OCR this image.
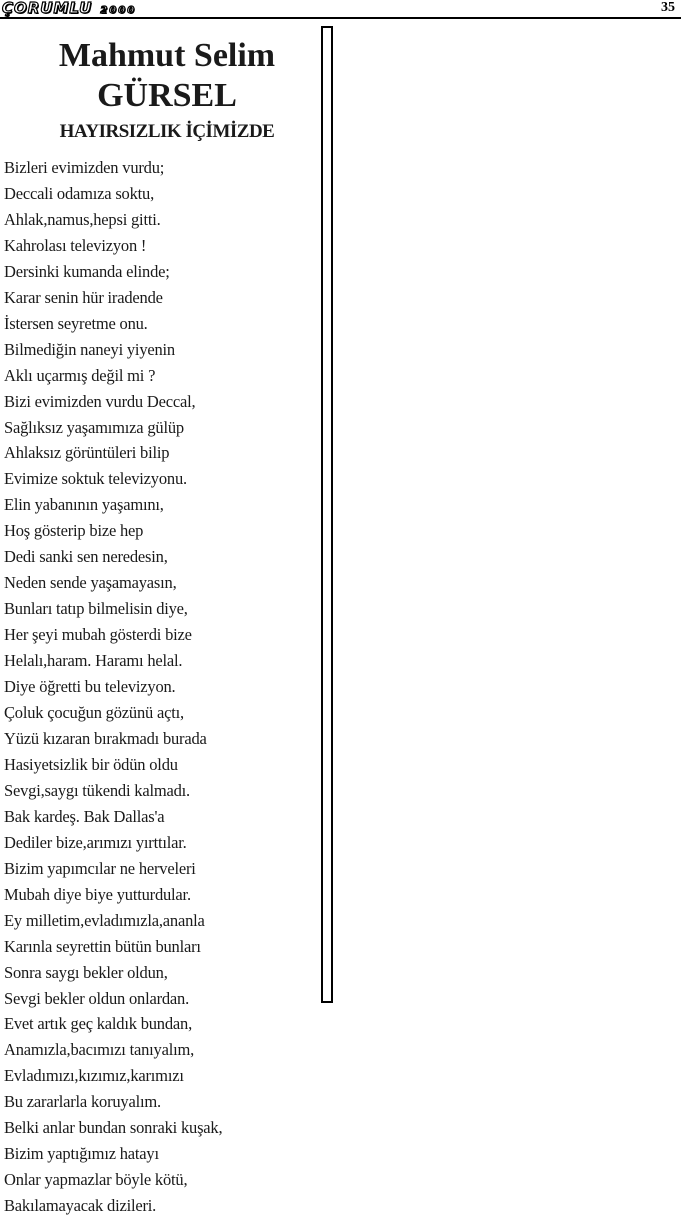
ÇORUMLU 2000	35
Mahmut Selim
GÜRSEL
HAYIRSIZLIK İÇİMİZDE
Bizleri evimizden vurdu;
Deccali odamıza soktu,
Ahlak,namus,hepsi gitti.
Kahrolası televizyon !
Dersinki kumanda elinde;
Karar senin hür iradende
İstersen seyretme onu.
Bilmediğin naneyi yiyenin
Aklı uçarmış değil mi ?
Bizi evimizden vurdu Deccal,
Sağlıksız yaşamımıza gülüp
Ahlaksız görüntüleri bilip
Evimize soktuk televizyonu.
Elin yabanının yaşamını,
Hoş gösterip bize hep
Dedi sanki sen neredesin,
Neden sende yaşamayasın,
Bunları tatıp bilmelisin diye,
Her şeyi mubah gösterdi bize
Helalı,haram. Haramı helal.
Diye öğretti bu televizyon.
Çoluk çocuğun gözünü açtı,
Yüzü kızaran bırakmadı burada
Hasiyetsizlik bir ödün oldu
Sevgi,saygı tükendi kalmadı.
Bak kardeş. Bak Dallas'a
Dediler bize,arımızı yırttılar.
Bizim yapımcılar ne herveleri
Mubah diye biye yutturdular.
Ey milletim,evladımızla,ananla
Karınla seyrettin bütün bunları
Sonra saygı bekler oldun,
Sevgi bekler oldun onlardan.
Evet artık geç kaldık bundan,
Anamızla,bacımızı tanıyalım,
Evladımızı,kızımız,karımızı
Bu zararlarla koruyalım.
Belki anlar bundan sonraki kuşak,
Bizim yaptığımız hatayı
Onlar yapmazlar böyle kötü,
Bakılamayacak dizileri.
